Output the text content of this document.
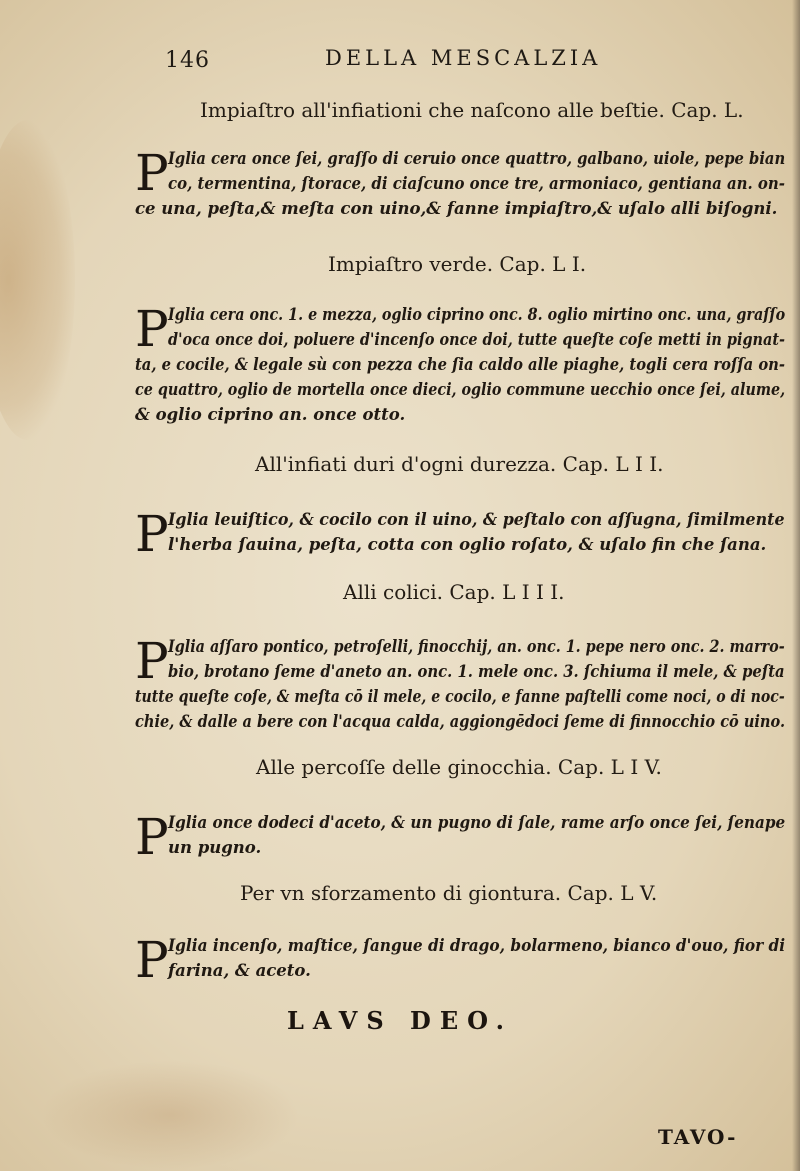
146	DELLA MESCALZIA
Impiaſtro all'infiationi che naſcono alle beſtie. Cap. L.
P Iglia cera once ſei, graſſo di ceruio once quattro, galbano, uiole, pepe bian
co, termentina, ſtorace, di ciaſcuno once tre, armoniaco, gentiana an. on-
ce una, peſta,& meſta con uino,& fanne impiaſtro,& uſalo alli biſogni.
Impiaſtro verde. Cap. L I.
P Iglia cera onc. 1. e mezza, oglio ciprino onc. 8. oglio mirtino onc. una, graſſo
d'oca once doi, poluere d'incenſo once doi, tutte queſte coſe metti in pignat-
ta, e cocile, & legale sù con pezza che ſia caldo alle piaghe, togli cera roſſa on-
ce quattro, oglio de mortella once dieci, oglio commune uecchio once ſei, alume,
& oglio ciprino an. once otto.
All'infiati duri d'ogni durezza. Cap. L I I.
P Iglia leuiſtico, & cocilo con il uino, & peſtalo con aſſugna, ſimilmente
l'herba ſauina, peſta, cotta con oglio roſato, & uſalo fin che ſana.
Alli colici. Cap. L I I I.
P Iglia aſſaro pontico, petroſelli, finocchij, an. onc. 1. pepe nero onc. 2. marro-
bio, brotano ſeme d'aneto an. onc. 1. mele onc. 3. ſchiuma il mele, & peſta
tutte queſte coſe, & meſta cō il mele, e cocilo, e fanne paſtelli come noci, o di noc-
chie, & dalle a bere con l'acqua calda, aggiongēdoci ſeme di finnocchio cō uino.
Alle percoſſe delle ginocchia. Cap. L I V.
P Iglia once dodeci d'aceto, & un pugno di ſale, rame arſo once ſei, ſenape
un pugno.
Per vn sforzamento di giontura. Cap. L V.
P Iglia incenſo, maſtice, ſangue di drago, bolarmeno, bianco d'ouo, fior di
farina, & aceto.
LAVS DEO.
TAVO-
